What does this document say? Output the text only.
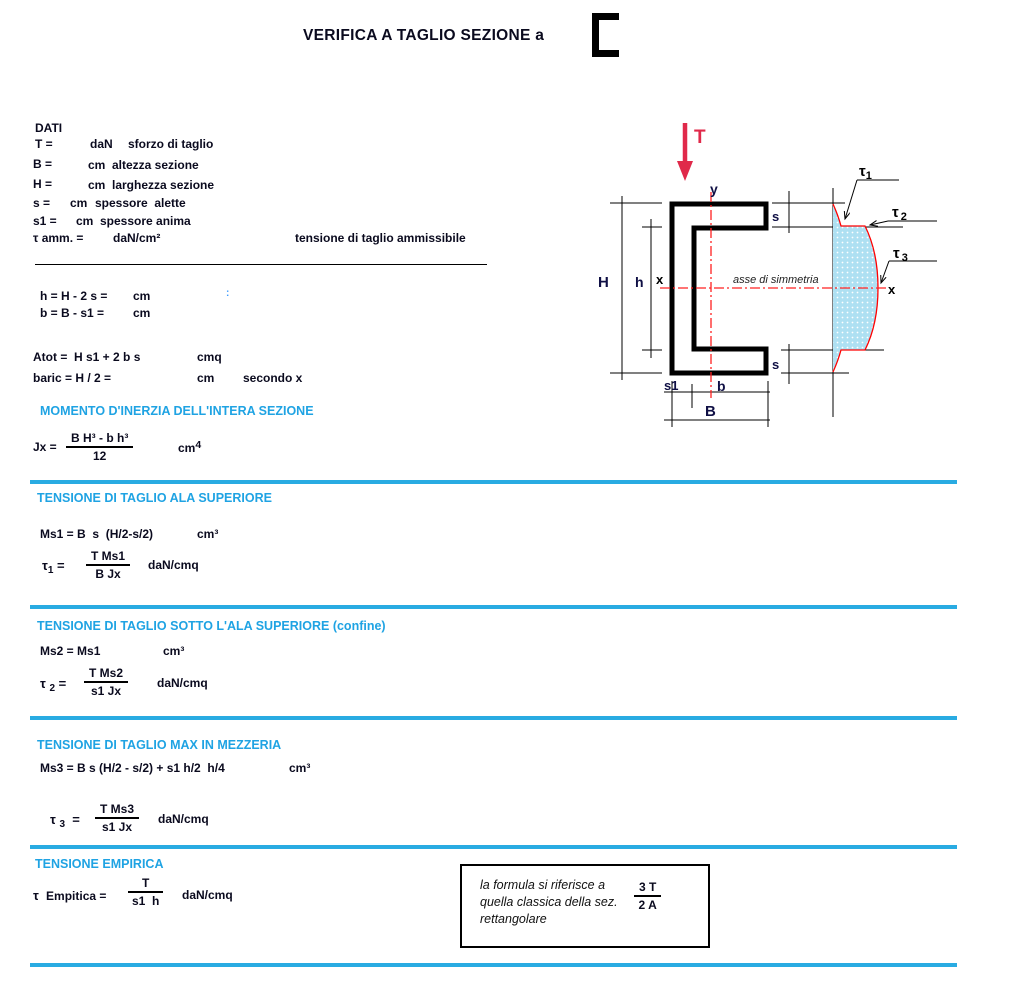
VERIFICA A TAGLIO SEZIONE a
DATI
T =	daN sforzo di taglio
B =	cm altezza sezione
H =	cm larghezza sezione
s = cm spessore  alette
s1 = cm spessore anima
τ amm. = daN/cm²	tensione di taglio ammissibile
h = H - 2 s = cm	:
b = B - s1 = cm
Atot =  H s1 + 2 b s	cmq
baric = H / 2 =	cm secondo x
MOMENTO D'INERZIA DELL'INTERA SEZIONE
$Jx = \frac{\text{B H³ - b h³}}{12}$	cm4
TENSIONE DI TAGLIO ALA SUPERIORE
Ms1 = B  s  (H/2-s/2)	cm³
$\tau_1 = \frac{\text{T Ms1}}{\text{B Jx}} daN/cmq$
TENSIONE DI TAGLIO SOTTO L'ALA SUPERIORE (confine)
Ms2 = Ms1	cm³
τ $_2 = \frac{\text{T Ms2}}{s1 Jx} daN/cmq$
TENSIONE DI TAGLIO MAX IN MEZZERIA
Ms3 = B s (H/2 - s/2) + s1 h/2  h/4	cm³
τ $_3 = \frac{\text{T Ms3}}{s1 Jx} daN/cmq$
TENSIONE EMPIRICA
τ Empitica = $\frac{T}{s1 h} daN/cmq$
la formula si riferisce a
quella classica della sez.
rettangolare
$\frac{3 T}{2 A}$
T
y
x
x
asse di simmetria
H h
s
s
s1	b
B
$\tau_1$
τ $_2$
τ $_3$
